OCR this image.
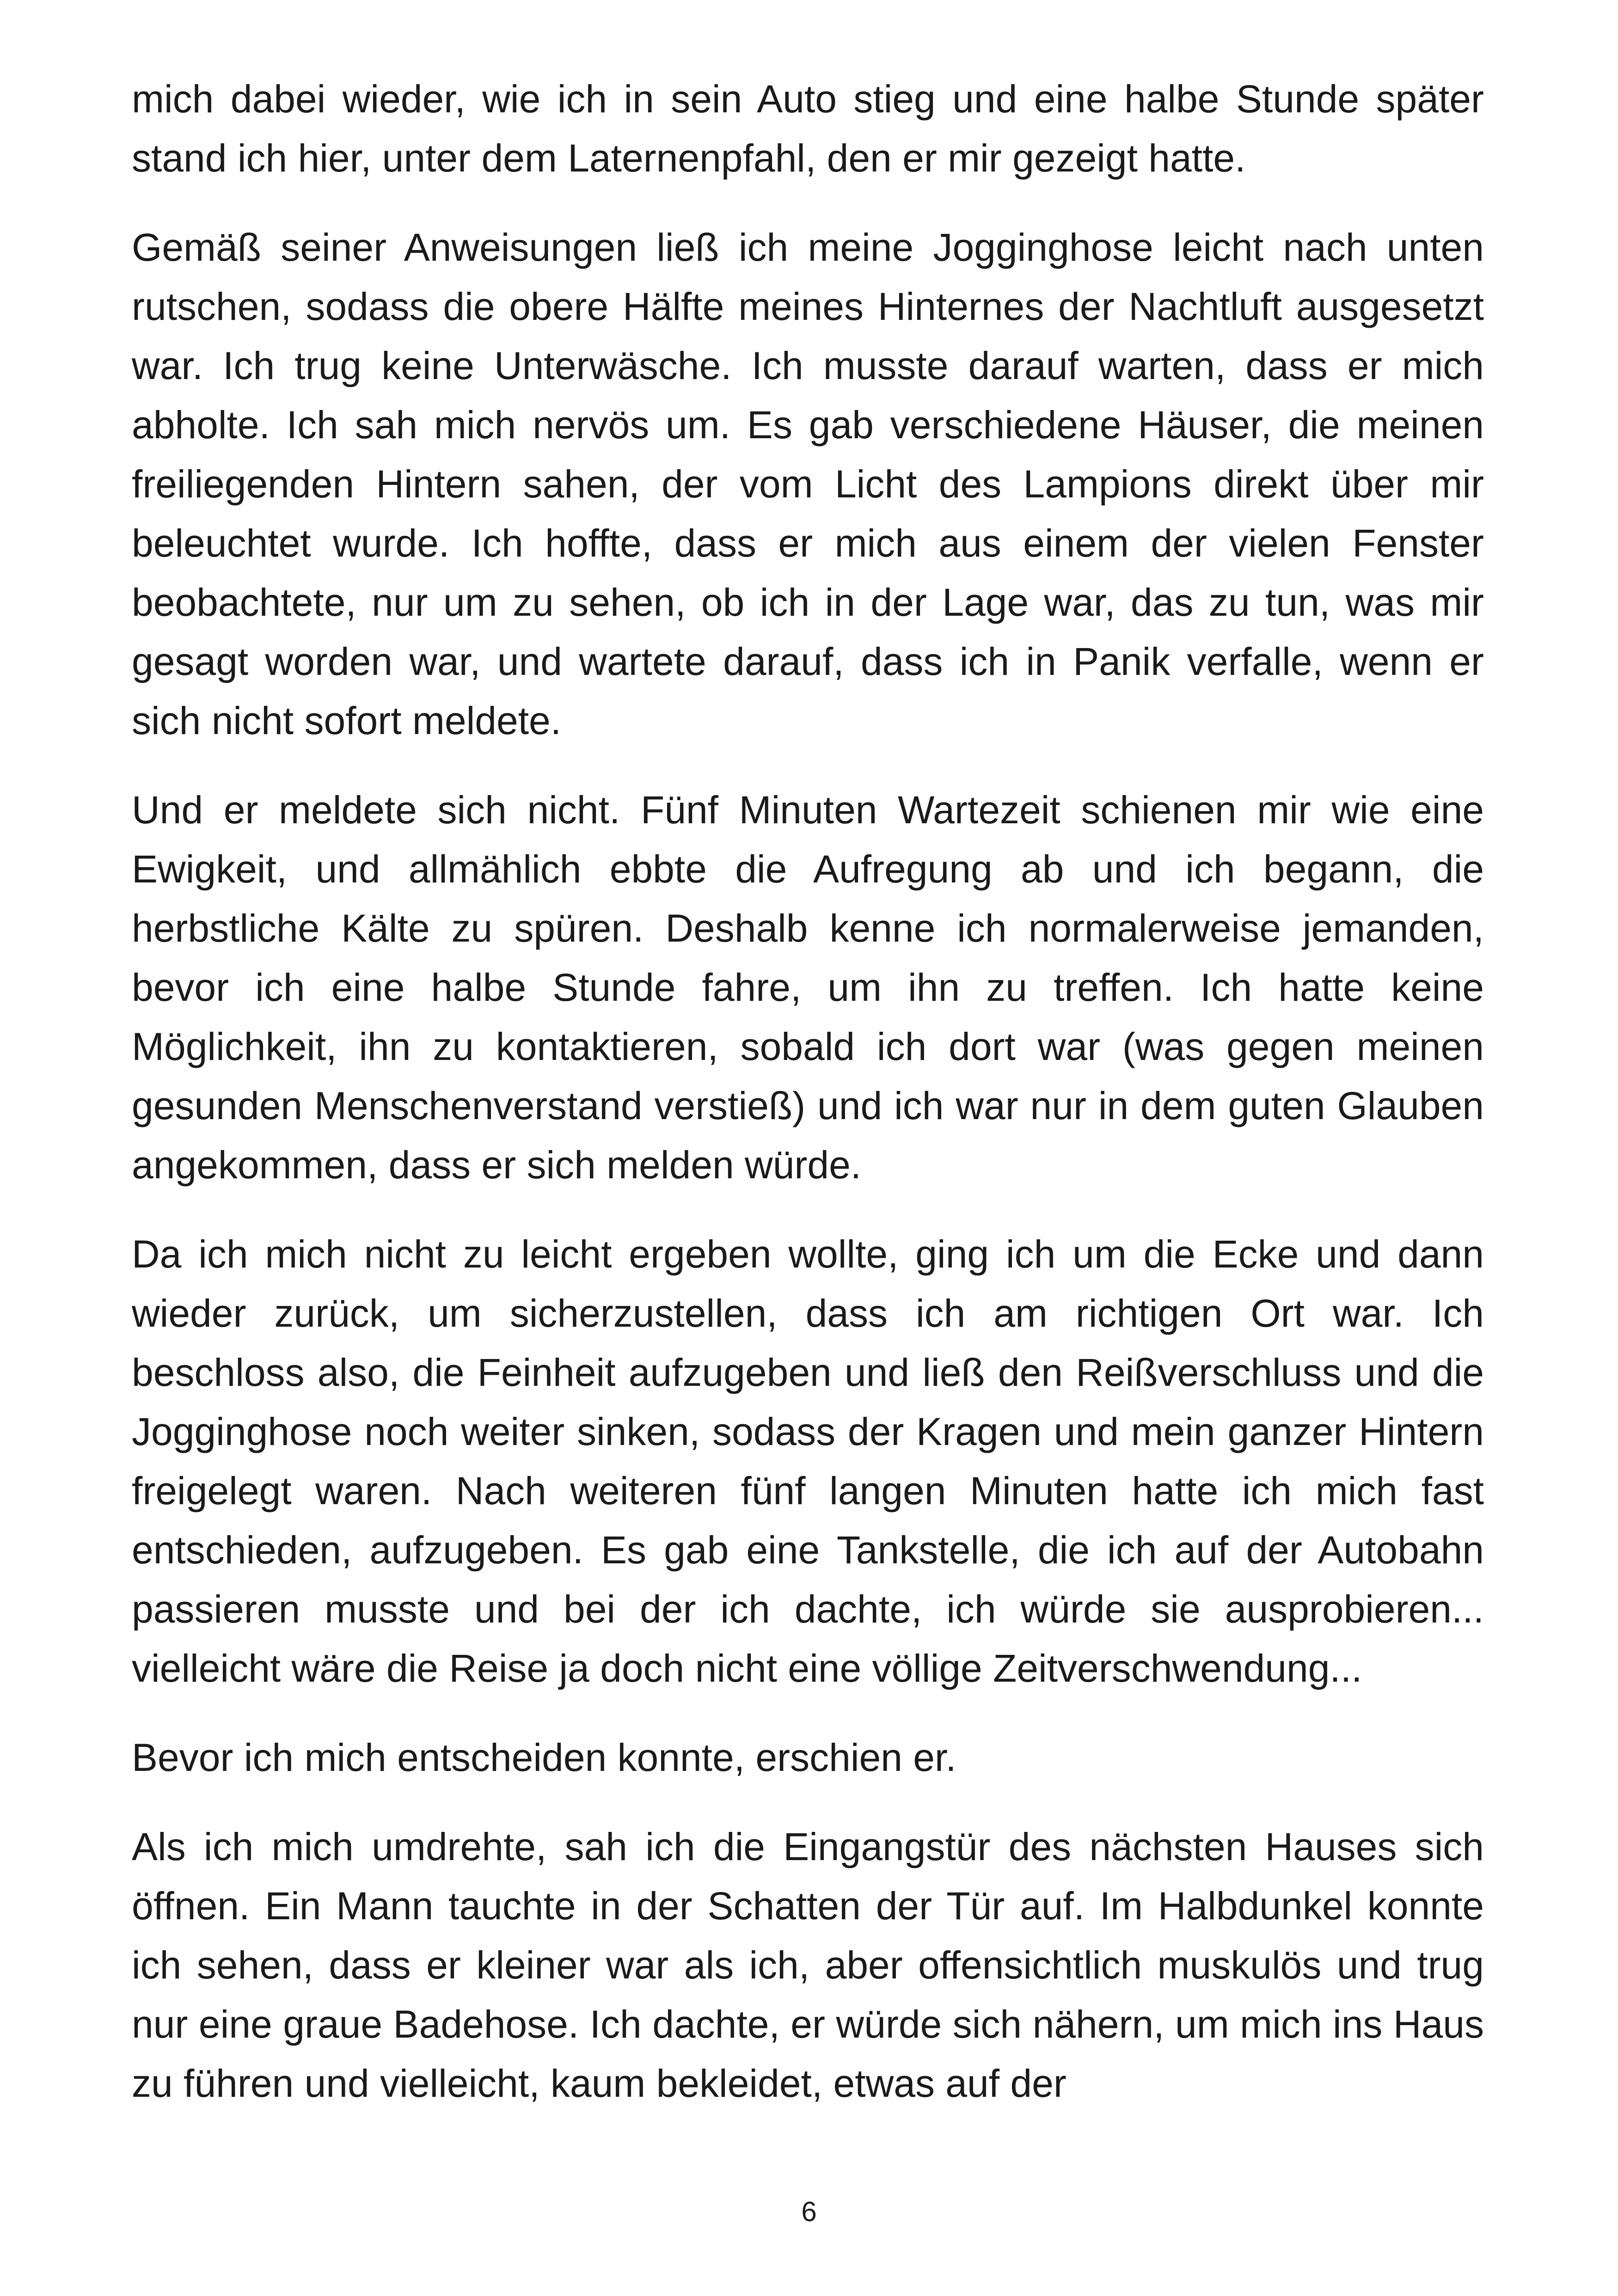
mich dabei wieder, wie ich in sein Auto stieg und eine halbe Stunde später stand ich hier, unter dem Laternenpfahl, den er mir gezeigt hatte.

Gemäß seiner Anweisungen ließ ich meine Jogginghose leicht nach unten rutschen, sodass die obere Hälfte meines Hinternes der Nachtluft ausgesetzt war. Ich trug keine Unterwäsche. Ich musste darauf warten, dass er mich abholte. Ich sah mich nervös um. Es gab verschiedene Häuser, die meinen freiliegenden Hintern sahen, der vom Licht des Lampions direkt über mir beleuchtet wurde. Ich hoffte, dass er mich aus einem der vielen Fenster beobachtete, nur um zu sehen, ob ich in der Lage war, das zu tun, was mir gesagt worden war, und wartete darauf, dass ich in Panik verfalle, wenn er sich nicht sofort meldete.

Und er meldete sich nicht. Fünf Minuten Wartezeit schienen mir wie eine Ewigkeit, und allmählich ebbte die Aufregung ab und ich begann, die herbstliche Kälte zu spüren. Deshalb kenne ich normalerweise jemanden, bevor ich eine halbe Stunde fahre, um ihn zu treffen. Ich hatte keine Möglichkeit, ihn zu kontaktieren, sobald ich dort war (was gegen meinen gesunden Menschenverstand verstieß) und ich war nur in dem guten Glauben angekommen, dass er sich melden würde.

Da ich mich nicht zu leicht ergeben wollte, ging ich um die Ecke und dann wieder zurück, um sicherzustellen, dass ich am richtigen Ort war. Ich beschloss also, die Feinheit aufzugeben und ließ den Reißverschluss und die Jogginghose noch weiter sinken, sodass der Kragen und mein ganzer Hintern freigelegt waren. Nach weiteren fünf langen Minuten hatte ich mich fast entschieden, aufzugeben. Es gab eine Tankstelle, die ich auf der Autobahn passieren musste und bei der ich dachte, ich würde sie ausprobieren... vielleicht wäre die Reise ja doch nicht eine völlige Zeitverschwendung...

Bevor ich mich entscheiden konnte, erschien er.

Als ich mich umdrehte, sah ich die Eingangstür des nächsten Hauses sich öffnen. Ein Mann tauchte in der Schatten der Tür auf. Im Halbdunkel konnte ich sehen, dass er kleiner war als ich, aber offensichtlich muskulös und trug nur eine graue Badehose. Ich dachte, er würde sich nähern, um mich ins Haus zu führen und vielleicht, kaum bekleidet, etwas auf der

6
